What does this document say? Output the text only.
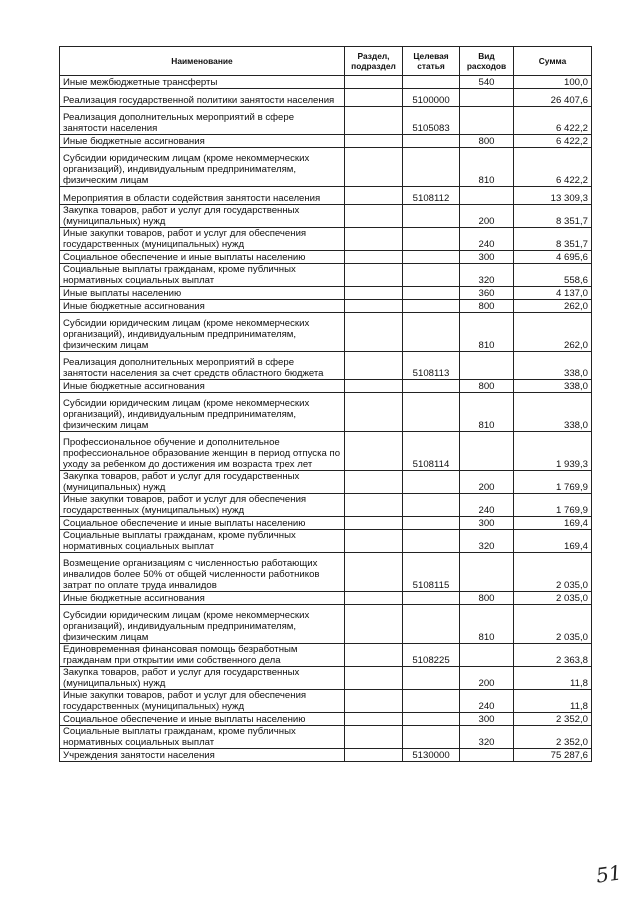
Наименование	Раздел, подраздел	Целевая статья	Вид расходов	Сумма
Иные межбюджетные трансферты			540	100,0
Реализация государственной политики занятости населения		5100000		26 407,6
Реализация дополнительных мероприятий в сфере занятости населения		5105083		6 422,2
Иные бюджетные ассигнования			800	6 422,2
Субсидии юридическим лицам (кроме некоммерческих организаций), индивидуальным предпринимателям, физическим лицам			810	6 422,2
Мероприятия в области содействия занятости населения		5108112		13 309,3
Закупка товаров, работ и услуг для государственных (муниципальных) нужд			200	8 351,7
Иные закупки товаров, работ и услуг для обеспечения государственных (муниципальных) нужд			240	8 351,7
Социальное обеспечение и иные выплаты населению			300	4 695,6
Социальные выплаты гражданам, кроме публичных нормативных социальных выплат			320	558,6
Иные выплаты населению			360	4 137,0
Иные бюджетные ассигнования			800	262,0
Субсидии юридическим лицам (кроме некоммерческих организаций), индивидуальным предпринимателям, физическим лицам			810	262,0
Реализация дополнительных мероприятий в сфере занятости населения за счет средств областного бюджета		5108113		338,0
Иные бюджетные ассигнования			800	338,0
Субсидии юридическим лицам (кроме некоммерческих организаций), индивидуальным предпринимателям, физическим лицам			810	338,0
Профессиональное обучение и дополнительное профессиональное образование женщин в период отпуска по уходу за ребенком до достижения им возраста трех лет		5108114		1 939,3
Закупка товаров, работ и услуг для государственных (муниципальных) нужд			200	1 769,9
Иные закупки товаров, работ и услуг для обеспечения государственных (муниципальных) нужд			240	1 769,9
Социальное обеспечение и иные выплаты населению			300	169,4
Социальные выплаты гражданам, кроме публичных нормативных социальных выплат			320	169,4
Возмещение организациям с численностью работающих инвалидов более 50% от общей численности работников затрат по оплате труда инвалидов		5108115		2 035,0
Иные бюджетные ассигнования			800	2 035,0
Субсидии юридическим лицам (кроме некоммерческих организаций), индивидуальным предпринимателям, физическим лицам			810	2 035,0
Единовременная финансовая помощь безработным гражданам при открытии ими собственного дела		5108225		2 363,8
Закупка товаров, работ и услуг для государственных (муниципальных) нужд			200	11,8
Иные закупки товаров, работ и услуг для обеспечения государственных (муниципальных) нужд			240	11,8
Социальное обеспечение и иные выплаты населению			300	2 352,0
Социальные выплаты гражданам, кроме публичных нормативных социальных выплат			320	2 352,0
Учреждения занятости населения		5130000		75 287,6
51
